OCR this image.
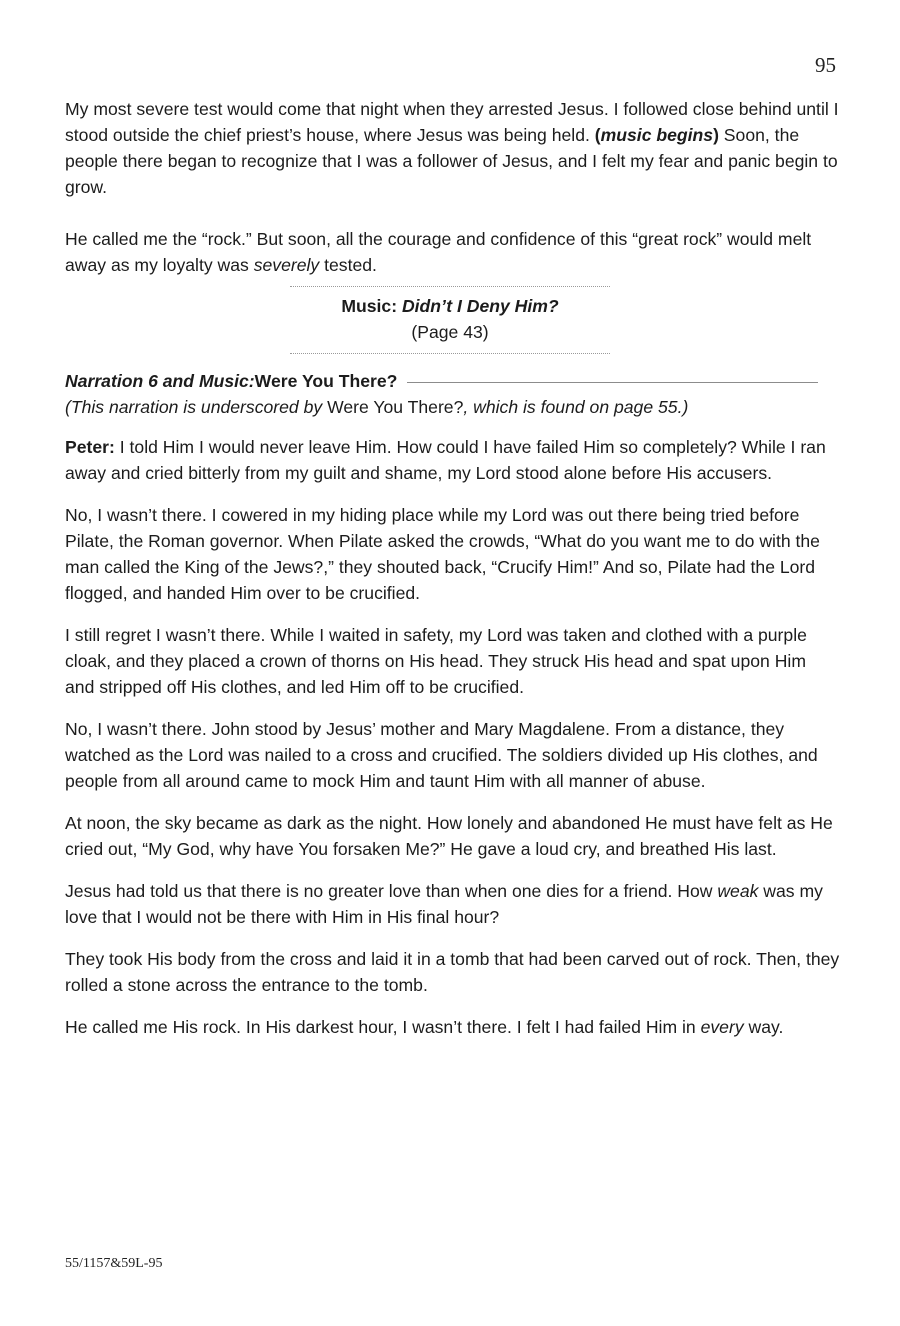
95

My most severe test would come that night when they arrested Jesus. I followed close behind until I stood outside the chief priest’s house, where Jesus was being held. (music begins) Soon, the people there began to recognize that I was a follower of Jesus, and I felt my fear and panic begin to grow.

He called me the “rock.” But soon, all the courage and confidence of this “great rock” would melt away as my loyalty was severely tested.

Music: Didn’t I Deny Him?
(Page 43)
Narration 6 and Music: Were You There?

(This narration is underscored by Were You There?, which is found on page 55.)

Peter: I told Him I would never leave Him. How could I have failed Him so completely? While I ran away and cried bitterly from my guilt and shame, my Lord stood alone before His accusers.

No, I wasn’t there. I cowered in my hiding place while my Lord was out there being tried before Pilate, the Roman governor. When Pilate asked the crowds, “What do you want me to do with the man called the King of the Jews?,” they shouted back, “Crucify Him!” And so, Pilate had the Lord flogged, and handed Him over to be crucified.

I still regret I wasn’t there. While I waited in safety, my Lord was taken and clothed with a purple cloak, and they placed a crown of thorns on His head. They struck His head and spat upon Him and stripped off His clothes, and led Him off to be crucified.

No, I wasn’t there. John stood by Jesus’ mother and Mary Magdalene. From a distance, they watched as the Lord was nailed to a cross and crucified. The soldiers divided up His clothes, and people from all around came to mock Him and taunt Him with all manner of abuse.

At noon, the sky became as dark as the night. How lonely and abandoned He must have felt as He cried out, “My God, why have You forsaken Me?” He gave a loud cry, and breathed His last.

Jesus had told us that there is no greater love than when one dies for a friend. How weak was my love that I would not be there with Him in His final hour?

They took His body from the cross and laid it in a tomb that had been carved out of rock. Then, they rolled a stone across the entrance to the tomb.

He called me His rock. In His darkest hour, I wasn’t there. I felt I had failed Him in every way.

55/1157&59L-95
